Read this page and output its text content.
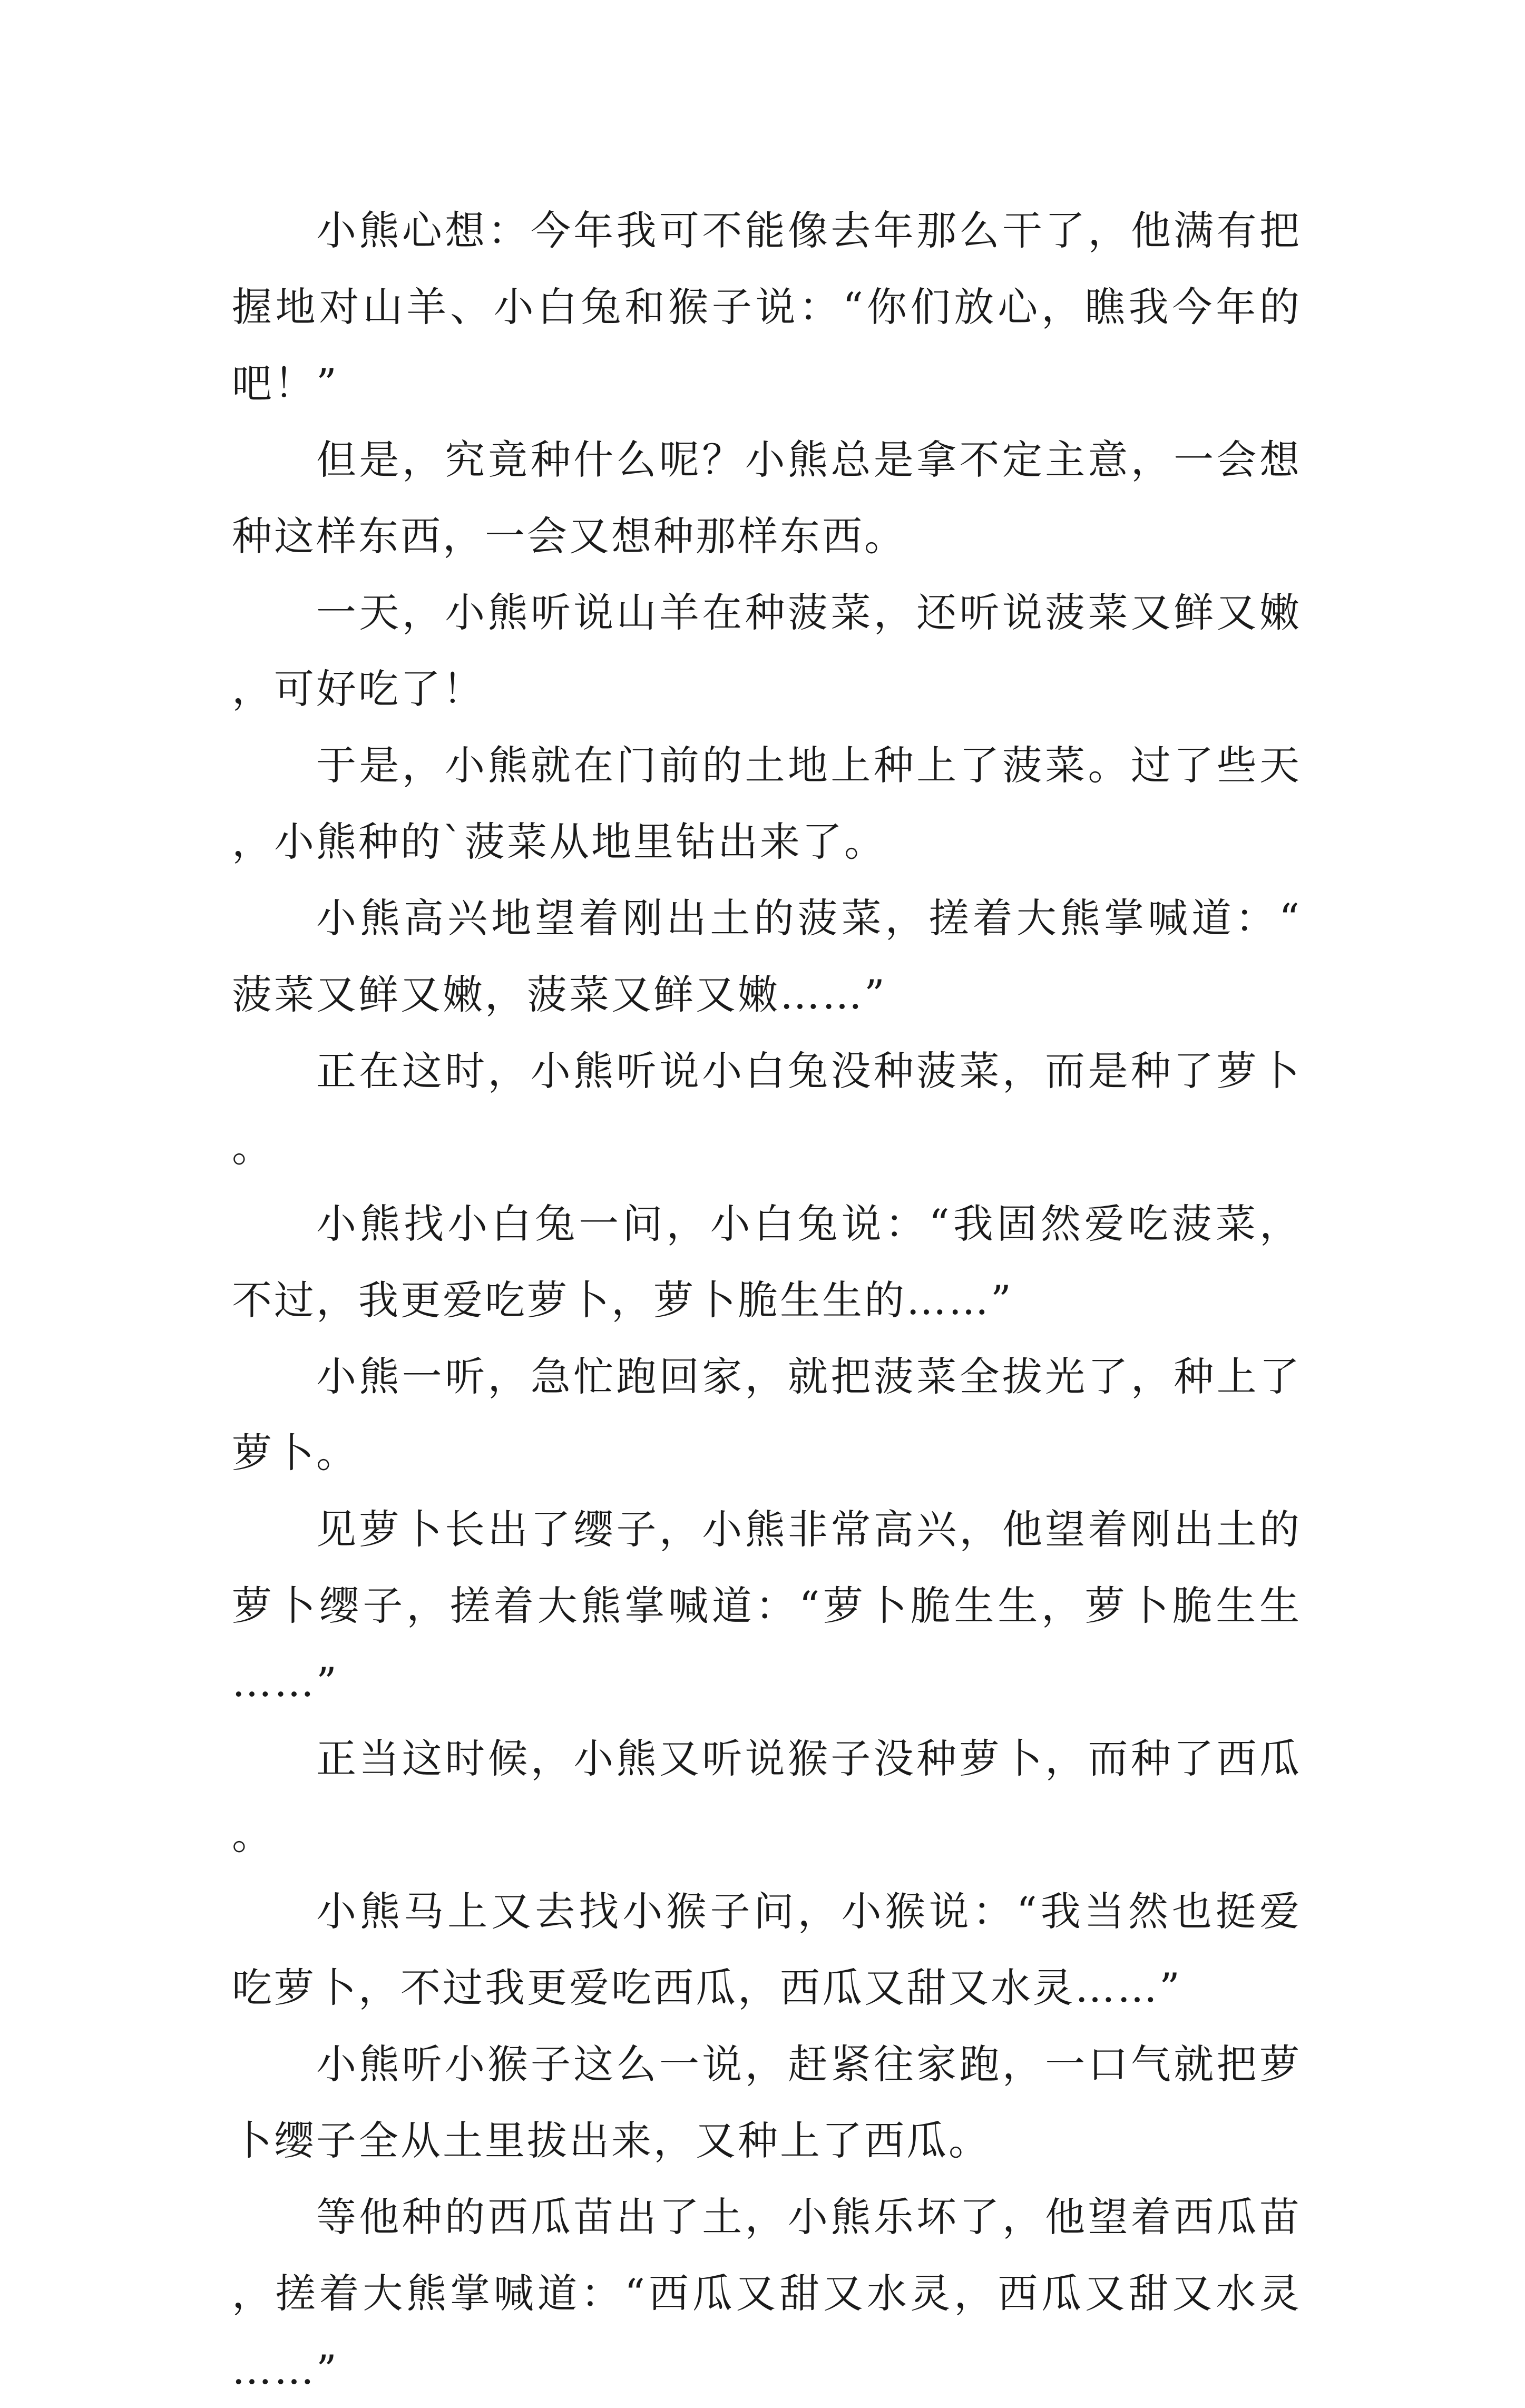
小熊心想：今年我可不能像去年那么干了，他满有把握地对山羊、小白兔和猴子说：“你们放心，瞧我今年的吧！”

但是，究竟种什么呢？小熊总是拿不定主意，一会想种这样东西，一会又想种那样东西。

一天，小熊听说山羊在种菠菜，还听说菠菜又鲜又嫩，可好吃了！

于是，小熊就在门前的土地上种上了菠菜。过了些天，小熊种的`菠菜从地里钻出来了。

小熊高兴地望着刚出土的菠菜，搓着大熊掌喊道：“菠菜又鲜又嫩，菠菜又鲜又嫩……”

正在这时，小熊听说小白兔没种菠菜，而是种了萝卜。

小熊找小白兔一问，小白兔说：“我固然爱吃菠菜，不过，我更爱吃萝卜，萝卜脆生生的……”

小熊一听，急忙跑回家，就把菠菜全拔光了，种上了萝卜。

见萝卜长出了缨子，小熊非常高兴，他望着刚出土的萝卜缨子，搓着大熊掌喊道：“萝卜脆生生，萝卜脆生生……”

正当这时候，小熊又听说猴子没种萝卜，而种了西瓜。

小熊马上又去找小猴子问，小猴说：“我当然也挺爱吃萝卜，不过我更爱吃西瓜，西瓜又甜又水灵……”

小熊听小猴子这么一说，赶紧往家跑，一口气就把萝卜缨子全从土里拔出来，又种上了西瓜。

等他种的西瓜苗出了土，小熊乐坏了，他望着西瓜苗，搓着大熊掌喊道：“西瓜又甜又水灵，西瓜又甜又水灵……”
